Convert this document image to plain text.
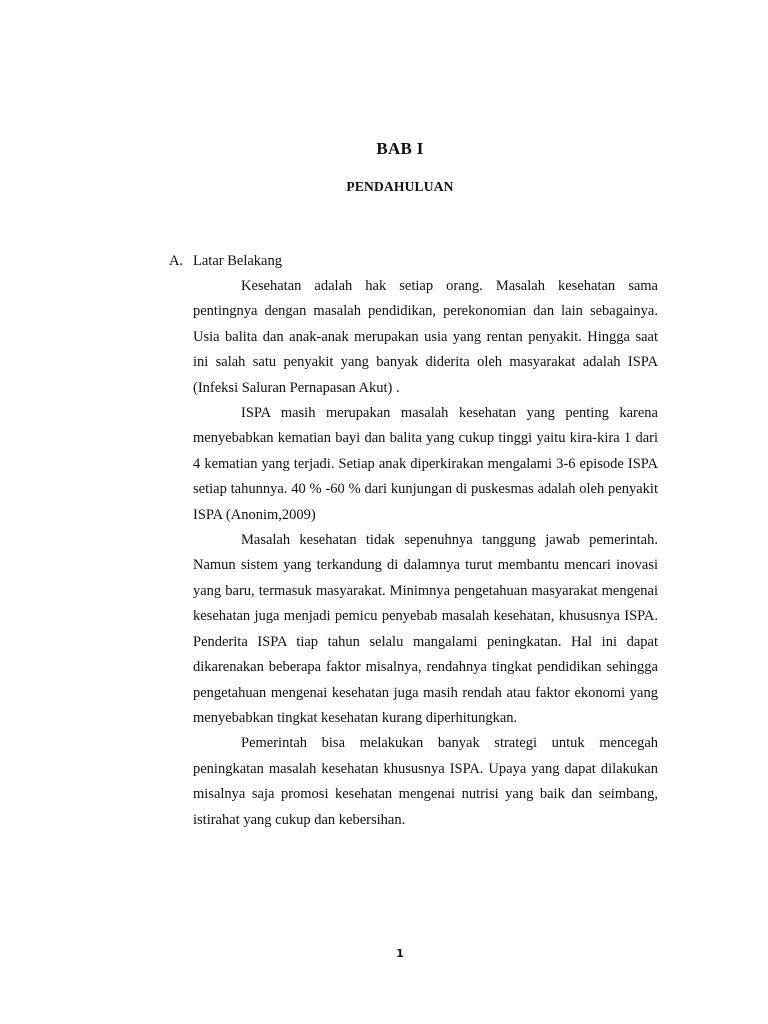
BAB I
PENDAHULUAN
A. Latar Belakang

Kesehatan adalah hak setiap orang. Masalah kesehatan sama pentingnya dengan masalah pendidikan, perekonomian dan lain sebagainya. Usia balita dan anak-anak merupakan usia yang rentan penyakit. Hingga saat ini salah satu penyakit yang banyak diderita oleh masyarakat adalah ISPA (Infeksi Saluran Pernapasan Akut) .

ISPA masih merupakan masalah kesehatan yang penting karena menyebabkan kematian bayi dan balita yang cukup tinggi yaitu kira-kira 1 dari 4 kematian yang terjadi. Setiap anak diperkirakan mengalami 3-6 episode ISPA setiap tahunnya. 40 % -60 % dari kunjungan di puskesmas adalah oleh penyakit ISPA (Anonim,2009)

Masalah kesehatan tidak sepenuhnya tanggung jawab pemerintah. Namun sistem yang terkandung di dalamnya turut membantu mencari inovasi yang baru, termasuk masyarakat. Minimnya pengetahuan masyarakat mengenai kesehatan juga menjadi pemicu penyebab masalah kesehatan, khususnya ISPA. Penderita ISPA tiap tahun selalu mangalami peningkatan. Hal ini dapat dikarenakan beberapa faktor misalnya, rendahnya tingkat pendidikan sehingga pengetahuan mengenai kesehatan juga masih rendah atau faktor ekonomi yang menyebabkan tingkat kesehatan kurang diperhitungkan.

Pemerintah bisa melakukan banyak strategi untuk mencegah peningkatan masalah kesehatan khususnya ISPA. Upaya yang dapat dilakukan misalnya saja promosi kesehatan mengenai nutrisi yang baik dan seimbang, istirahat yang cukup dan kebersihan.

1
